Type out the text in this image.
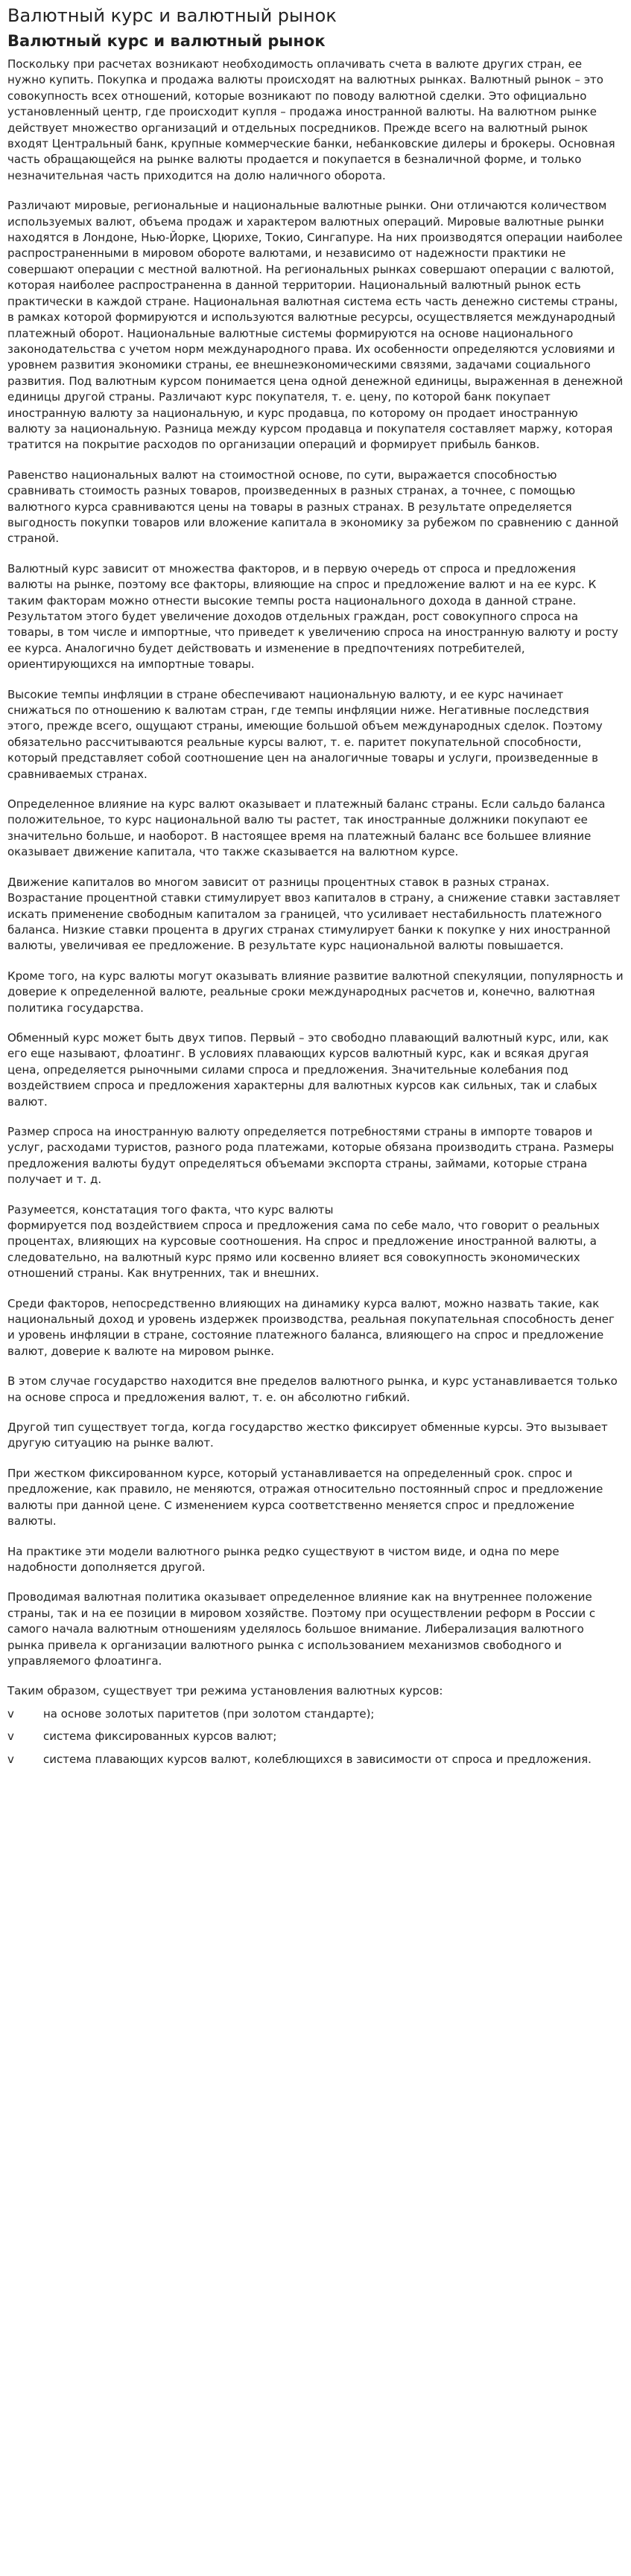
Валютный курс и валютный рынок
Валютный курс и валютный рынок

Поскольку при расчетах возникают необходимость оплачивать счета в валюте других стран, ее нужно купить. Покупка и продажа валюты происходят на валютных рынках. Валютный рынок – это совокупность всех отношений, которые возникают по поводу валютной сделки. Это официально установленный центр, где происходит купля – продажа иностранной валюты. На валютном рынке действует множество организаций и отдельных посредников. Прежде всего на валютный рынок входят Центральный банк, крупные коммерческие банки, небанковские дилеры и брокеры. Основная часть обращающейся на рынке валюты продается и покупается в безналичной форме, и только незначительная часть приходится на долю наличного оборота.

Различают мировые, региональные и национальные валютные рынки. Они отличаются количеством используемых валют, объема продаж и характером валютных операций. Мировые валютные рынки находятся в Лондоне, Нью-Йорке, Цюрихе, Токио, Сингапуре. На них производятся операции наиболее распространенными в мировом обороте валютами, и независимо от надежности практики не совершают операции с местной валютной. На региональных рынках совершают операции с валютой, которая наиболее распространенна в данной территории. Национальный валютный рынок есть практически в каждой стране. Национальная валютная система есть часть денежно системы страны, в рамках которой формируются и используются валютные ресурсы, осуществляется международный платежный оборот. Национальные валютные системы формируются на основе национального законодательства с учетом норм международного права. Их особенности определяются условиями и уровнем развития экономики страны, ее внешнеэкономическими связями, задачами социального развития. Под валютным курсом понимается цена одной денежной единицы, выраженная в денежной единицы другой страны. Различают курс покупателя, т. е. цену, по которой банк покупает иностранную валюту за национальную, и курс продавца, по которому он продает иностранную валюту за национальную. Разница между курсом продавца и покупателя составляет маржу, которая тратится на покрытие расходов по организации операций и формирует прибыль банков.

Равенство национальных валют на стоимостной основе, по сути, выражается способностью сравнивать стоимость разных товаров, произведенных в разных странах, а точнее, с помощью валютного курса сравниваются цены на товары в разных странах. В результате определяется выгодность покупки товаров или вложение капитала в экономику за рубежом по сравнению с данной страной.

Валютный курс зависит от множества факторов, и в первую очередь от спроса и предложения валюты на рынке, поэтому все факторы, влияющие на спрос и предложение валют и на ее курс. К таким факторам можно отнести высокие темпы роста национального дохода в данной стране. Результатом этого будет увеличение доходов отдельных граждан, рост совокупного спроса на товары, в том числе и импортные, что приведет к увеличению спроса на иностранную валюту и росту ее курса. Аналогично будет действовать и изменение в предпочтениях потребителей, ориентирующихся на импортные товары.

Высокие темпы инфляции в стране обеспечивают национальную валюту, и ее курс начинает снижаться по отношению к валютам стран, где темпы инфляции ниже. Негативные последствия этого, прежде всего, ощущают страны, имеющие большой объем международных сделок. Поэтому обязательно рассчитываются реальные курсы валют, т. е. паритет покупательной способности, который представляет собой соотношение цен на аналогичные товары и услуги, произведенные в сравниваемых странах.

Определенное влияние на курс валют оказывает и платежный баланс страны. Если сальдо баланса положительное, то курс национальной валю ты растет, так иностранные должники покупают ее значительно больше, и наоборот. В настоящее время на платежный баланс все большее влияние оказывает движение капитала, что также сказывается на валютном курсе.

Движение капиталов во многом зависит от разницы процентных ставок в разных странах. Возрастание процентной ставки стимулирует ввоз капиталов в страну, а снижение ставки заставляет искать применение свободным капиталом за границей, что усиливает нестабильность платежного баланса. Низкие ставки процента в других странах стимулирует банки к покупке у них иностранной валюты, увеличивая ее предложение. В результате курс национальной валюты повышается.

Кроме того, на курс валюты могут оказывать влияние развитие валютной спекуляции, популярность и доверие к определенной валюте, реальные сроки международных расчетов и, конечно, валютная политика государства.

Обменный курс может быть двух типов. Первый – это свободно плавающий валютный курс, или, как его еще называют, флоатинг. В условиях плавающих курсов валютный курс, как и всякая другая цена, определяется рыночными силами спроса и предложения. Значительные колебания под воздействием спроса и предложения характерны для валютных курсов как сильных, так и слабых валют.

Размер спроса на иностранную валюту определяется потребностями страны в импорте товаров и услуг, расходами туристов, разного рода платежами, которые обязана производить страна. Размеры предложения валюты будут определяться объемами экспорта страны, займами, которые страна получает и т. д.

Разумеется, констатация того факта, что курс валюты
формируется под воздействием спроса и предложения сама по себе мало, что говорит о реальных процентах, влияющих на курсовые соотношения. На спрос и предложение иностранной валюты, а следовательно, на валютный курс прямо или косвенно влияет вся совокупность экономических отношений страны. Как внутренних, так и внешних.

Среди факторов, непосредственно влияющих на динамику курса валют, можно назвать такие, как национальный доход и уровень издержек производства, реальная покупательная способность денег и уровень инфляции в стране, состояние платежного баланса, влияющего на спрос и предложение валют, доверие к валюте на мировом рынке.

В этом случае государство находится вне пределов валютного рынка, и курс устанавливается только на основе спроса и предложения валют, т. е. он абсолютно гибкий.

Другой тип существует тогда, когда государство жестко фиксирует обменные курсы. Это вызывает другую ситуацию на рынке валют.

При жестком фиксированном курсе, который устанавливается на определенный срок. спрос и предложение, как правило, не меняются, отражая относительно постоянный спрос и предложение валюты при данной цене. С изменением курса соответственно меняется спрос и предложение валюты.

На практике эти модели валютного рынка редко существуют в чистом виде, и одна по мере надобности дополняется другой.

Проводимая валютная политика оказывает определенное влияние как на внутреннее положение страны, так и на ее позиции в мировом хозяйстве. Поэтому при осуществлении реформ в России с самого начала валютным отношениям уделялось большое внимание. Либерализация валютного рынка привела к организации валютного рынка с использованием механизмов свободного и управляемого флоатинга.

Таким образом, существует три режима установления валютных курсов:

v	на основе золотых паритетов (при золотом стандарте);
v	система фиксированных курсов валют;
v	система плавающих курсов валют, колеблющихся в зависимости от спроса и предложения.
